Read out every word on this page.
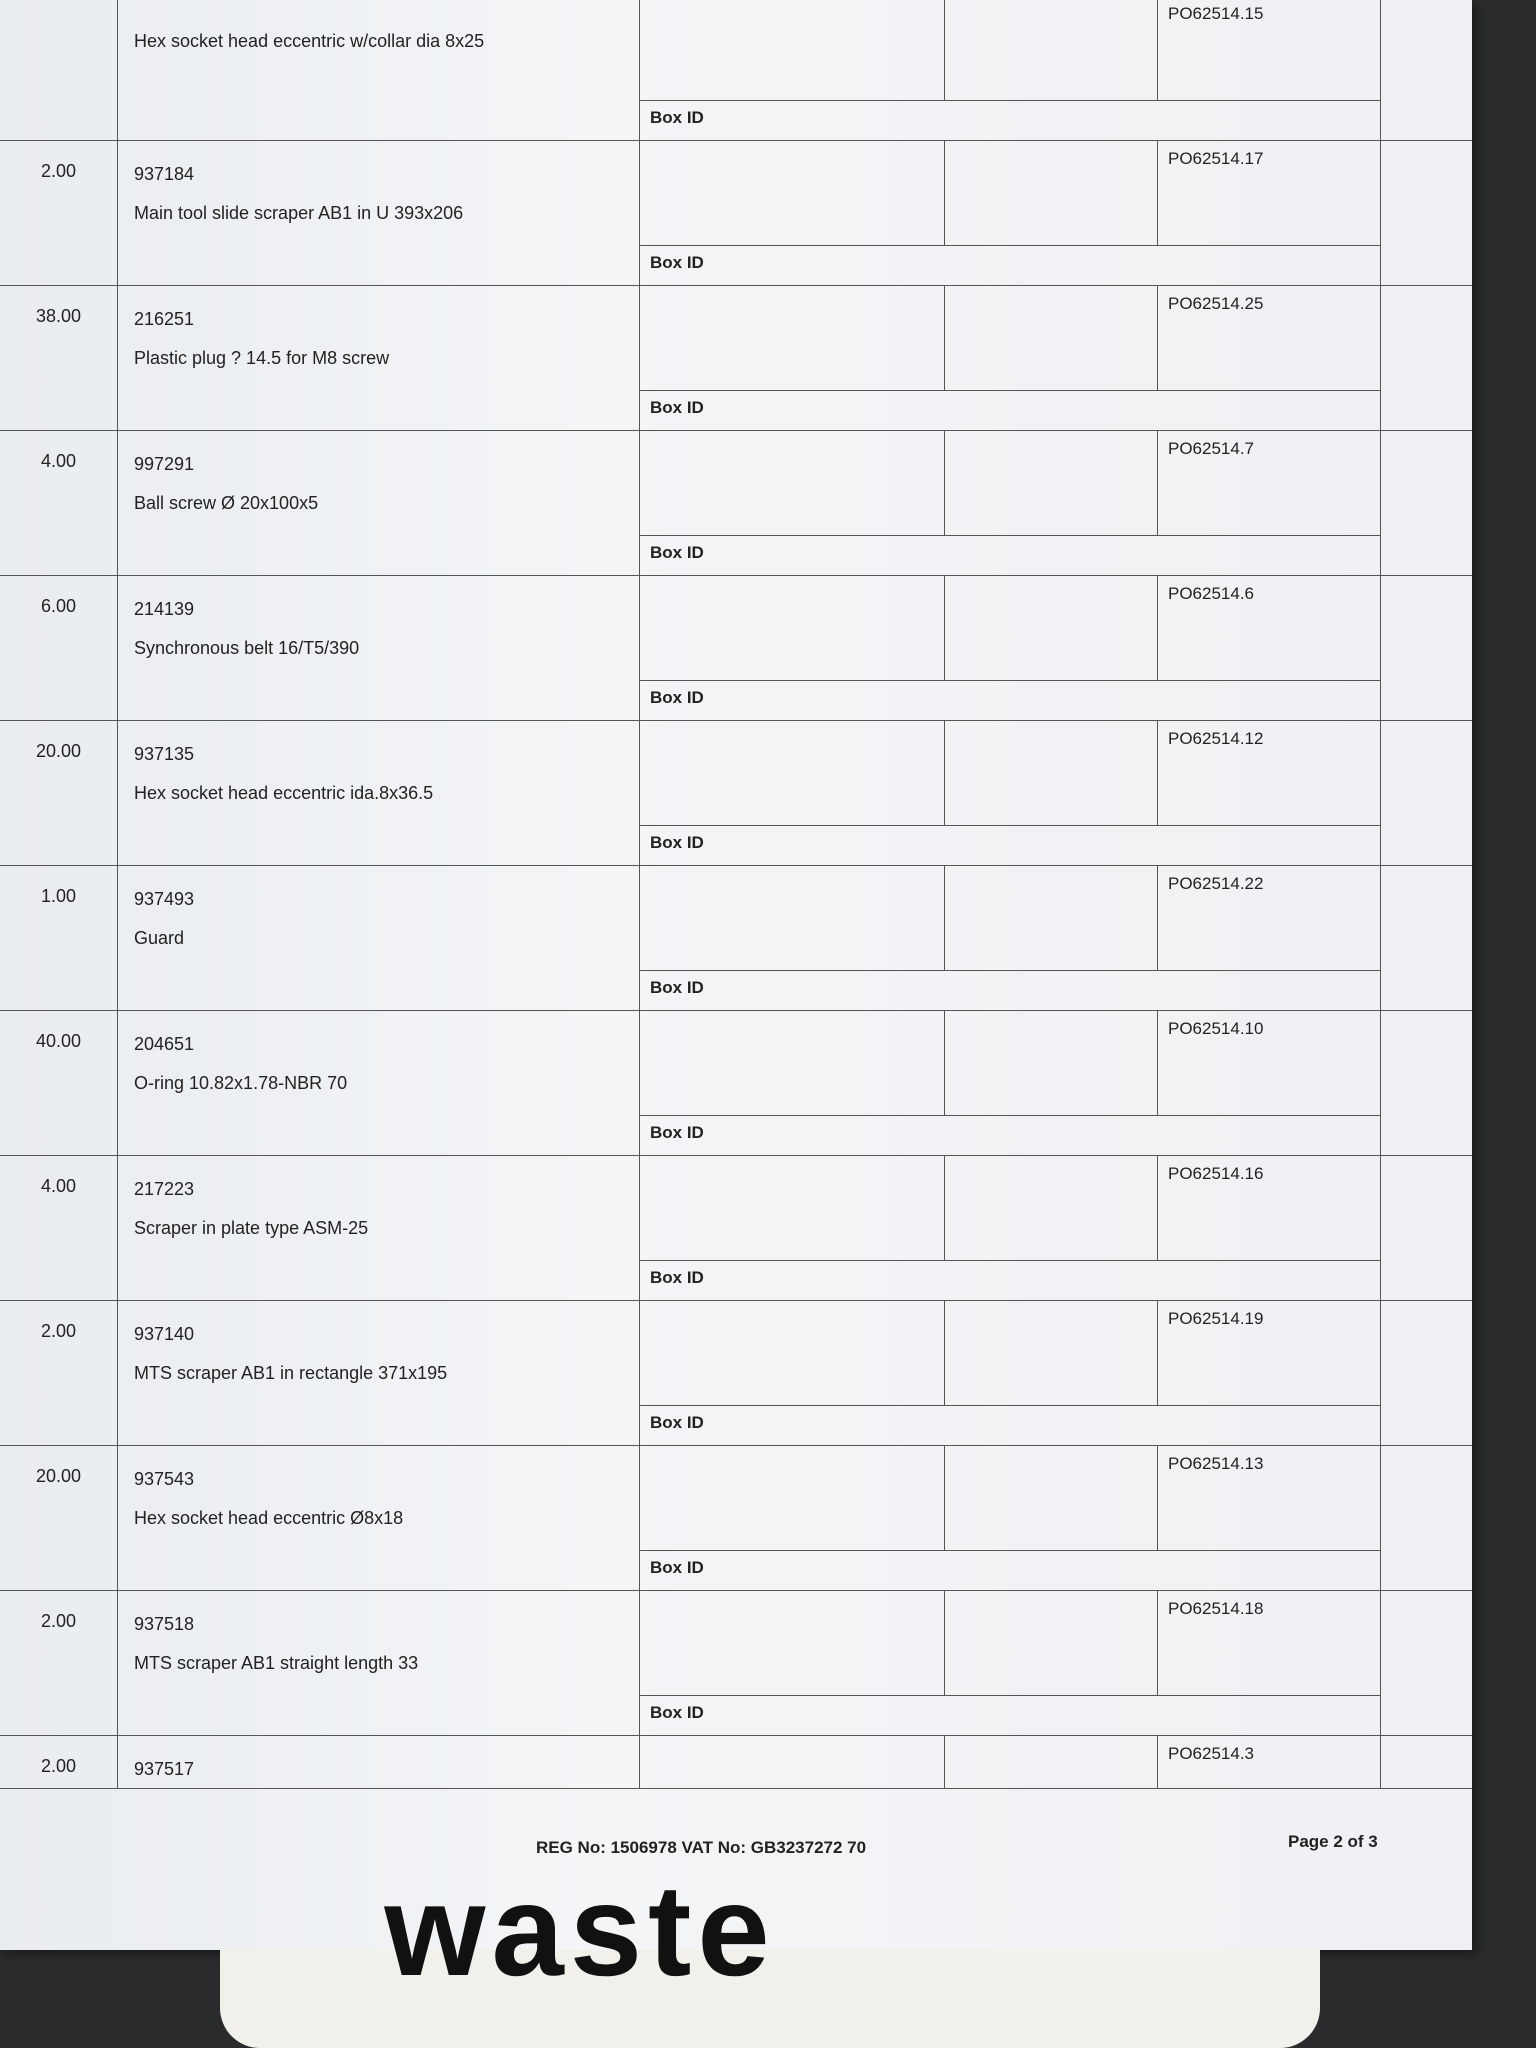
Hex socket head eccentric w/collar dia 8x25
PO62514.15
Box ID
2.00	937184
Main tool slide scraper AB1 in U 393x206
PO62514.17
Box ID
38.00	216251
Plastic plug ? 14.5 for M8 screw
PO62514.25
Box ID
4.00	997291
Ball screw Ø 20x100x5
PO62514.7
Box ID
6.00	214139
Synchronous belt 16/T5/390
PO62514.6
Box ID
20.00	937135
Hex socket head eccentric ida.8x36.5
PO62514.12
Box ID
1.00	937493
Guard
PO62514.22
Box ID
40.00	204651
O-ring 10.82x1.78-NBR 70
PO62514.10
Box ID
4.00	217223
Scraper in plate type ASM-25
PO62514.16
Box ID
2.00	937140
MTS scraper AB1 in rectangle 371x195
PO62514.19
Box ID
20.00	937543
Hex socket head eccentric Ø8x18
PO62514.13
Box ID
2.00	937518
MTS scraper AB1 straight length 33
PO62514.18
Box ID
2.00	937517
PO62514.3
REG No: 1506978 VAT No: GB3237272 70	Page 2 of 3
waste
